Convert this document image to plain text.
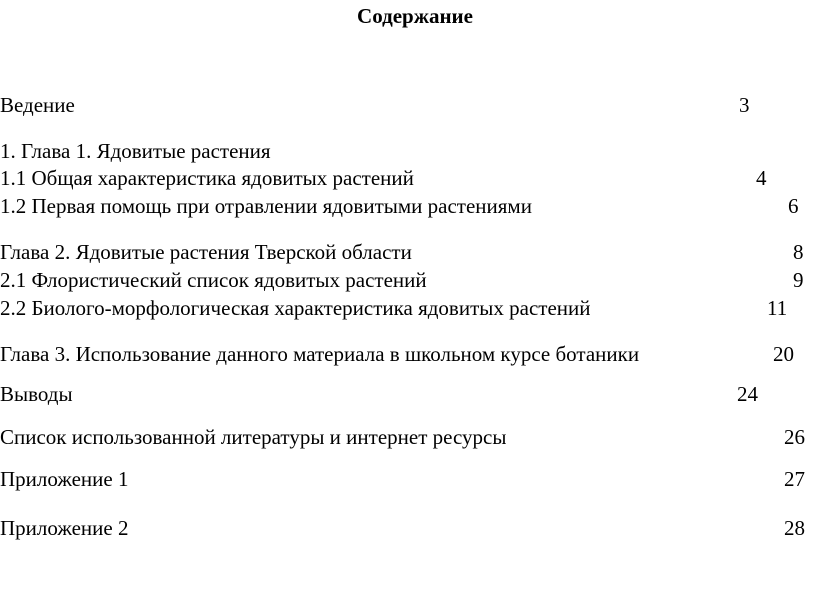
Содержание
Ведение	3
1. Глава 1. Ядовитые растения
1.1 Общая характеристика ядовитых растений	4
1.2 Первая помощь при отравлении ядовитыми растениями	6
Глава 2. Ядовитые растения Тверской области	8
2.1 Флористический список ядовитых растений	9
2.2 Биолого-морфологическая характеристика ядовитых растений	11
Глава 3. Использование данного материала в школьном курсе ботаники	20
Выводы	24
Список использованной литературы и интернет ресурсы	26
Приложение 1	27
Приложение 2	28
